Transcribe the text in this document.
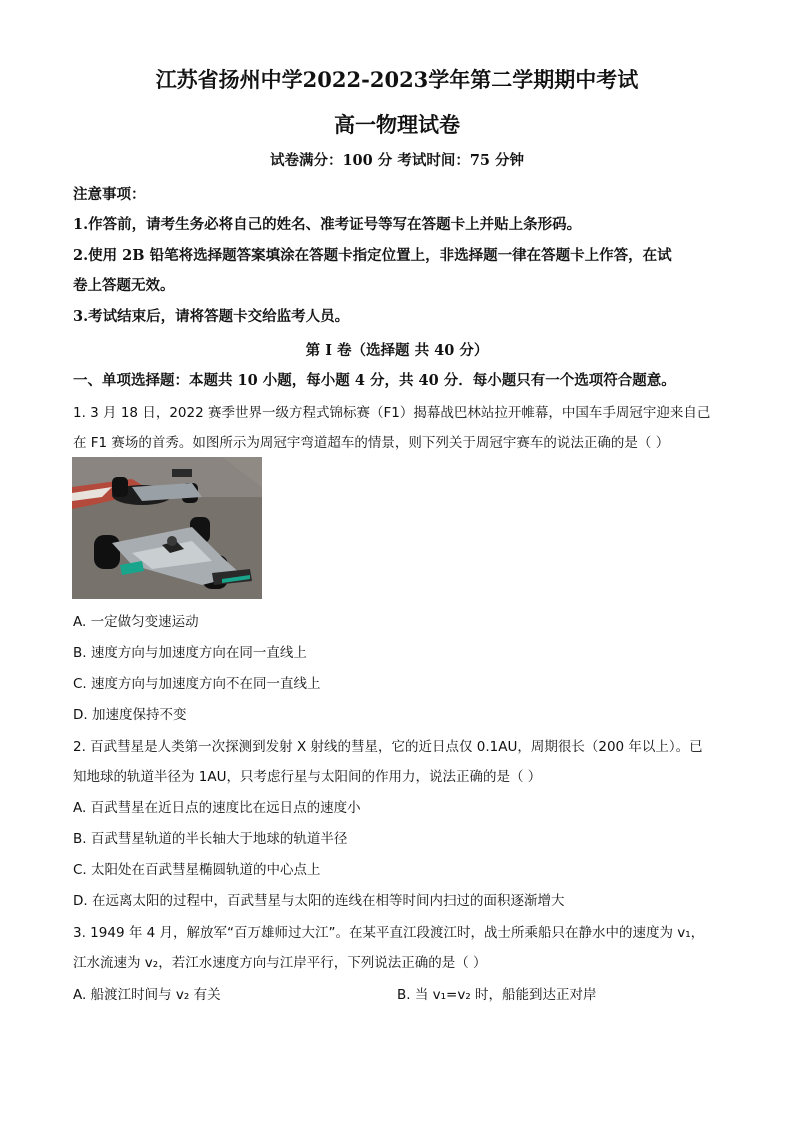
江苏省扬州中学2022-2023学年第二学期期中考试
高一物理试卷
试卷满分：100 分 考试时间：75 分钟
注意事项：
1.作答前，请考生务必将自己的姓名、准考证号等写在答题卡上并贴上条形码。
2.使用 2B 铅笔将选择题答案填涂在答题卡指定位置上，非选择题一律在答题卡上作答，在试
卷上答题无效。
3.考试结束后，请将答题卡交给监考人员。
第 I 卷（选择题 共 40 分）
一、单项选择题：本题共 10 小题，每小题 4 分，共 40 分．每小题只有一个选项符合题意。
1. 3 月 18 日，2022 赛季世界一级方程式锦标赛（F1）揭幕战巴林站拉开帷幕，中国车手周冠宇迎来自己
在 F1 赛场的首秀。如图所示为周冠宇弯道超车的情景，则下列关于周冠宇赛车的说法正确的是（ ）
A. 一定做匀变速运动
B. 速度方向与加速度方向在同一直线上
C. 速度方向与加速度方向不在同一直线上
D. 加速度保持不变
2. 百武彗星是人类第一次探测到发射 X 射线的彗星，它的近日点仅 0.1AU，周期很长（200 年以上）。已
知地球的轨道半径为 1AU，只考虑行星与太阳间的作用力，说法正确的是（ ）
A. 百武彗星在近日点的速度比在远日点的速度小
B. 百武彗星轨道的半长轴大于地球的轨道半径
C. 太阳处在百武彗星椭圆轨道的中心点上
D. 在远离太阳的过程中，百武彗星与太阳的连线在相等时间内扫过的面积逐渐增大
3. 1949 年 4 月，解放军“百万雄师过大江”。在某平直江段渡江时，战士所乘船只在静水中的速度为 v₁，
江水流速为 v₂，若江水速度方向与江岸平行，下列说法正确的是（ ）
A. 船渡江时间与 v₂ 有关	B. 当 v₁=v₂ 时，船能到达正对岸
